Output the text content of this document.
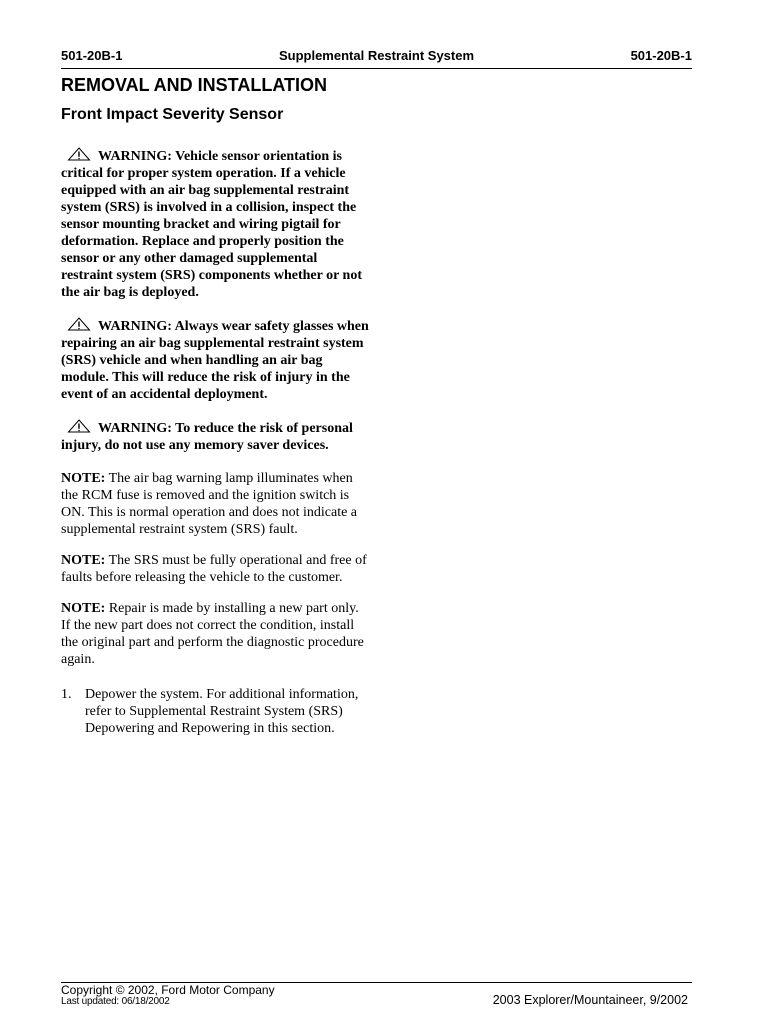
501-20B-1	Supplemental Restraint System	501-20B-1
REMOVAL AND INSTALLATION
Front Impact Severity Sensor

WARNING: Vehicle sensor orientation is critical for proper system operation. If a vehicle equipped with an air bag supplemental restraint system (SRS) is involved in a collision, inspect the sensor mounting bracket and wiring pigtail for deformation. Replace and properly position the sensor or any other damaged supplemental restraint system (SRS) components whether or not the air bag is deployed.

WARNING: Always wear safety glasses when repairing an air bag supplemental restraint system (SRS) vehicle and when handling an air bag module. This will reduce the risk of injury in the event of an accidental deployment.

WARNING: To reduce the risk of personal injury, do not use any memory saver devices.

NOTE: The air bag warning lamp illuminates when the RCM fuse is removed and the ignition switch is ON. This is normal operation and does not indicate a supplemental restraint system (SRS) fault.

NOTE: The SRS must be fully operational and free of faults before releasing the vehicle to the customer.

NOTE: Repair is made by installing a new part only. If the new part does not correct the condition, install the original part and perform the diagnostic procedure again.

1. Depower the system. For additional information, refer to Supplemental Restraint System (SRS) Depowering and Repowering in this section.
Copyright © 2002, Ford Motor Company
Last updated: 06/18/2002	2003 Explorer/Mountaineer, 9/2002
